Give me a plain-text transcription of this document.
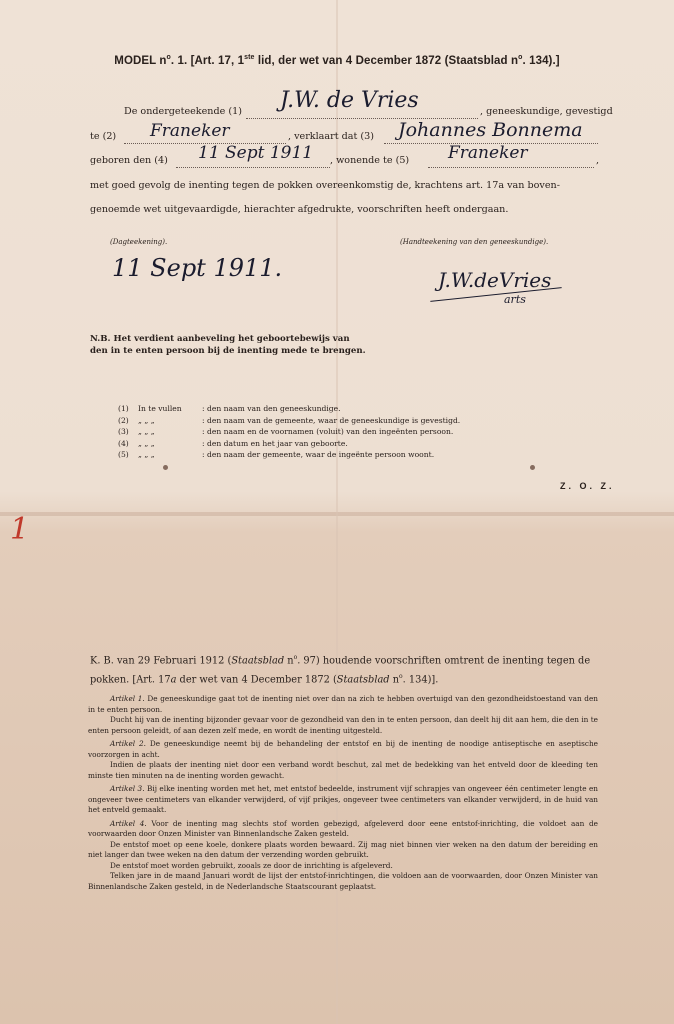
MODEL $n^o$. 1. [Art. 17, 1ste lid, der wet van 4 December 1872 (Staatsblad $n^o$. 134).]
De ondergeteekende (1)	, geneeskundige, gevestigd
te (2)	, verklaart dat (3)
geboren den (4)	, wonende te (5)	,
met goed gevolg de inenting tegen de pokken overeenkomstig de, krachtens art. 17a van boven-
genoemde wet uitgevaardigde, hierachter afgedrukte, voorschriften heeft ondergaan.
J.W. de Vries
Franeker	Johannes Bonnema
11 Sept 1911	Franeker
(Dagteekening).	(Handteekening van den geneeskundige).
11 Sept 1911.	J.W.deVries
arts
N.B. Het verdient aanbeveling het geboortebewijs van den in te enten persoon bij de inenting mede te brengen.
(1) In te vullen	: den naam van den geneeskundige.
(2) „ „ „	: den naam van de gemeente, waar de geneeskundige is gevestigd.
(3) „ „ „	: den naam en de voornamen (voluit) van den ingeënten persoon.
(4) „ „ „	: den datum en het jaar van geboorte.
(5) „ „ „	: den naam der gemeente, waar de ingeënte persoon woont.
Z. O. Z.
1
K. B. van 29 Februari 1912 (Staatsblad $n^o$. 97) houdende voorschriften omtrent de inenting tegen de pokken. [Art. 17a der wet van 4 December 1872 (Staatsblad $n^o$. 134)].

Artikel 1. De geneeskundige gaat tot de inenting niet over dan na zich te hebben overtuigd van den gezondheidstoestand van den in te enten persoon.

Ducht hij van de inenting bijzonder gevaar voor de gezondheid van den in te enten persoon, dan deelt hij dit aan hem, die den in te enten persoon geleidt, of aan dezen zelf mede, en wordt de inenting uitgesteld.

Artikel 2. De geneeskundige neemt bij de behandeling der entstof en bij de inenting de noodige antiseptische en aseptische voorzorgen in acht.

Indien de plaats der inenting niet door een verband wordt beschut, zal met de bedekking van het entveld door de kleeding ten minste tien minuten na de inenting worden gewacht.

Artikel 3. Bij elke inenting worden met het, met entstof bedeelde, instrument vijf schrapjes van ongeveer één centimeter lengte en ongeveer twee centimeters van elkander verwijderd, of vijf prikjes, ongeveer twee centimeters van elkander verwijderd, in de huid van het entveld gemaakt.

Artikel 4. Voor de inenting mag slechts stof worden gebezigd, afgeleverd door eene entstof-inrichting, die voldoet aan de voorwaarden door Onzen Minister van Binnenlandsche Zaken gesteld.

De entstof moet op eene koele, donkere plaats worden bewaard. Zij mag niet binnen vier weken na den datum der bereiding en niet langer dan twee weken na den datum der verzending worden gebruikt.

De entstof moet worden gebruikt, zooals ze door de inrichting is afgeleverd.

Telken jare in de maand Januari wordt de lijst der entstof-inrichtingen, die voldoen aan de voorwaarden, door Onzen Minister van Binnenlandsche Zaken gesteld, in de Nederlandsche Staatscourant geplaatst.
